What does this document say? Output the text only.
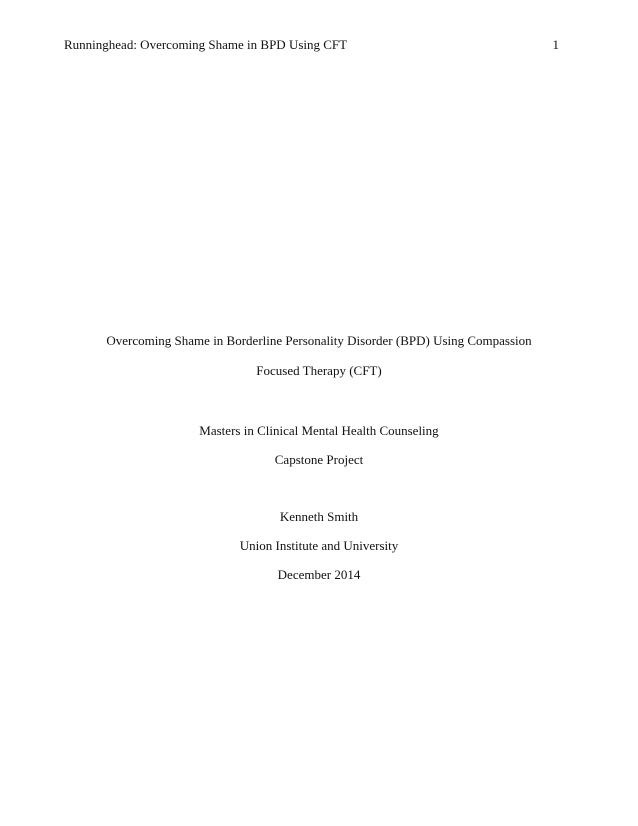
Runninghead: Overcoming Shame in BPD Using CFT	1
Overcoming Shame in Borderline Personality Disorder (BPD) Using Compassion
Focused Therapy (CFT)
Masters in Clinical Mental Health Counseling
Capstone Project
Kenneth Smith
Union Institute and University
December 2014
